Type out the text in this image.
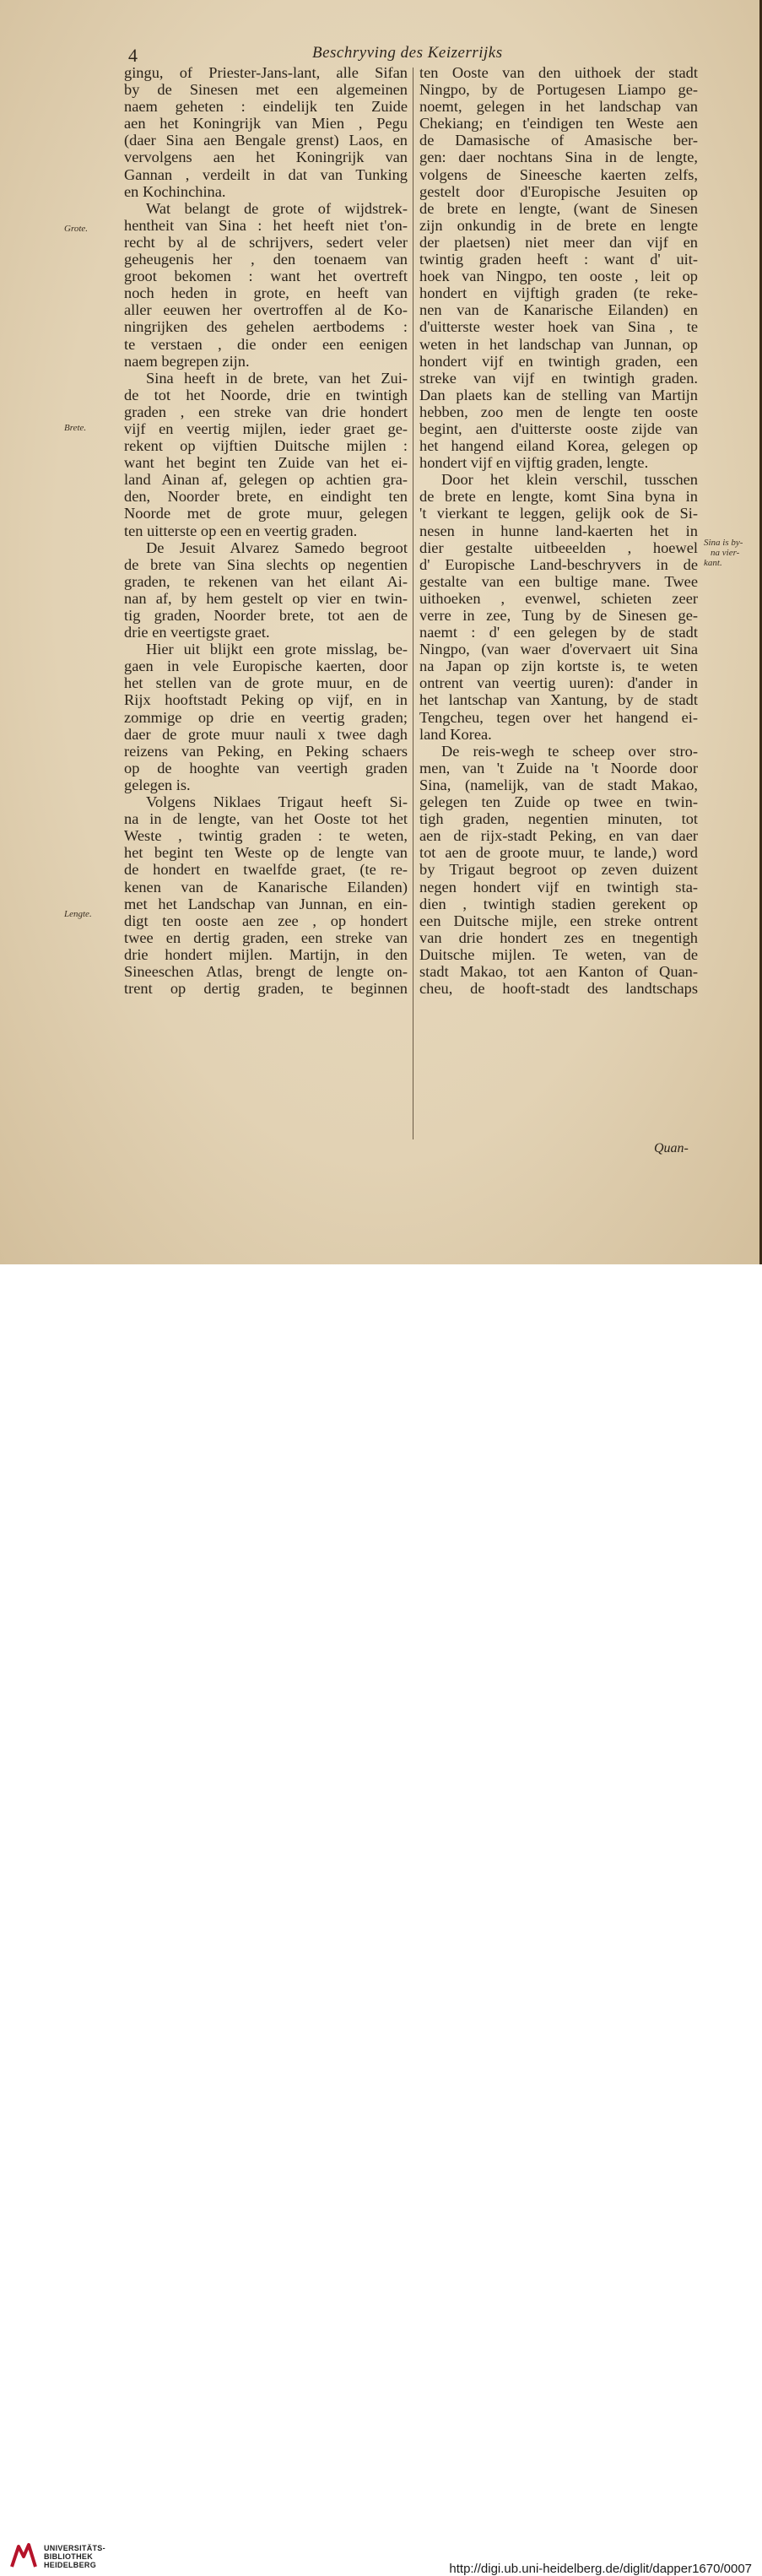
4	Beschryving des Keizerrijks
Grote.
Brete.
Lengte.
Sina is by-
na vier-
kant.

gingu, of Priester-Jans-lant, alle Sifan

by de Sinesen met een algemeinen

naem geheten : eindelijk ten Zuide

aen het Koningrijk van Mien , Pegu

(daer Sina aen Bengale grenst) Laos, en

vervolgens aen het Koningrijk van

Gannan , verdeilt in dat van Tunking

en Kochinchina.

Wat belangt de grote of wijdstrek-

hentheit van Sina : het heeft niet t'on-

recht by al de schrijvers, sedert veler

geheugenis her , den toenaem van

groot bekomen : want het overtreft

noch heden in grote, en heeft van

aller eeuwen her overtroffen al de Ko-

ningrijken des gehelen aertbodems :

te verstaen , die onder een eenigen

naem begrepen zijn.

Sina heeft in de brete, van het Zui-

de tot het Noorde, drie en twintigh

graden , een streke van drie hondert

vijf en veertig mijlen, ieder graet ge-

rekent op vijftien Duitsche mijlen :

want het begint ten Zuide van het ei-

land Ainan af, gelegen op achtien gra-

den, Noorder brete, en eindight ten

Noorde met de grote muur, gelegen

ten uitterste op een en veertig graden.

De Jesuit Alvarez Samedo begroot

de brete van Sina slechts op negentien

graden, te rekenen van het eilant Ai-

nan af, by hem gestelt op vier en twin-

tig graden, Noorder brete, tot aen de

drie en veertigste graet.

Hier uit blijkt een grote misslag, be-

gaen in vele Europische kaerten, door

het stellen van de grote muur, en de

Rijx hooftstadt Peking op vijf, en in

zommige op drie en veertig graden;

daer de grote muur nauli x twee dagh

reizens van Peking, en Peking schaers

op de hooghte van veertigh graden

gelegen is.

Volgens Niklaes Trigaut heeft Si-

na in de lengte, van het Ooste tot het

Weste , twintig graden : te weten,

het begint ten Weste op de lengte van

de hondert en twaelfde graet, (te re-

kenen van de Kanarische Eilanden)

met het Landschap van Junnan, en ein-

digt ten ooste aen zee , op hondert

twee en dertig graden, een streke van

drie hondert mijlen. Martijn, in den

Sineeschen Atlas, brengt de lengte on-

trent op dertig graden, te beginnen

ten Ooste van den uithoek der stadt

Ningpo, by de Portugesen Liampo ge-

noemt, gelegen in het landschap van

Chekiang; en t'eindigen ten Weste aen

de Damasische of Amasische ber-

gen: daer nochtans Sina in de lengte,

volgens de Sineesche kaerten zelfs,

gestelt door d'Europische Jesuiten op

de brete en lengte, (want de Sinesen

zijn onkundig in de brete en lengte

der plaetsen) niet meer dan vijf en

twintig graden heeft : want d' uit-

hoek van Ningpo, ten ooste , leit op

hondert en vijftigh graden (te reke-

nen van de Kanarische Eilanden) en

d'uitterste wester hoek van Sina , te

weten in het landschap van Junnan, op

hondert vijf en twintigh graden, een

streke van vijf en twintigh graden.

Dan plaets kan de stelling van Martijn

hebben, zoo men de lengte ten ooste

begint, aen d'uitterste ooste zijde van

het hangend eiland Korea, gelegen op

hondert vijf en vijftig graden, lengte.

Door het klein verschil, tusschen

de brete en lengte, komt Sina byna in

't vierkant te leggen, gelijk ook de Si-

nesen in hunne land-kaerten het in

dier gestalte uitbeeelden , hoewel

d' Europische Land-beschryvers in de

gestalte van een bultige mane. Twee

uithoeken , evenwel, schieten zeer

verre in zee, Tung by de Sinesen ge-

naemt : d' een gelegen by de stadt

Ningpo, (van waer d'overvaert uit Sina

na Japan op zijn kortste is, te weten

ontrent van veertig uuren): d'ander in

het lantschap van Xantung, by de stadt

Tengcheu, tegen over het hangend ei-

land Korea.

De reis-wegh te scheep over stro-

men, van 't Zuide na 't Noorde door

Sina, (namelijk, van de stadt Makao,

gelegen ten Zuide op twee en twin-

tigh graden, negentien minuten, tot

aen de rijx-stadt Peking, en van daer

tot aen de groote muur, te lande,) word

by Trigaut begroot op zeven duizent

negen hondert vijf en twintigh sta-

dien , twintigh stadien gerekent op

een Duitsche mijle, een streke ontrent

van drie hondert zes en tnegentigh

Duitsche mijlen. Te weten, van de

stadt Makao, tot aen Kanton of Quan-

cheu, de hooft-stadt des landtschaps

Quan-
UNIVERSITÄTS-
BIBLIOTHEK
HEIDELBERG	http://digi.ub.uni-heidelberg.de/diglit/dapper1670/0007
